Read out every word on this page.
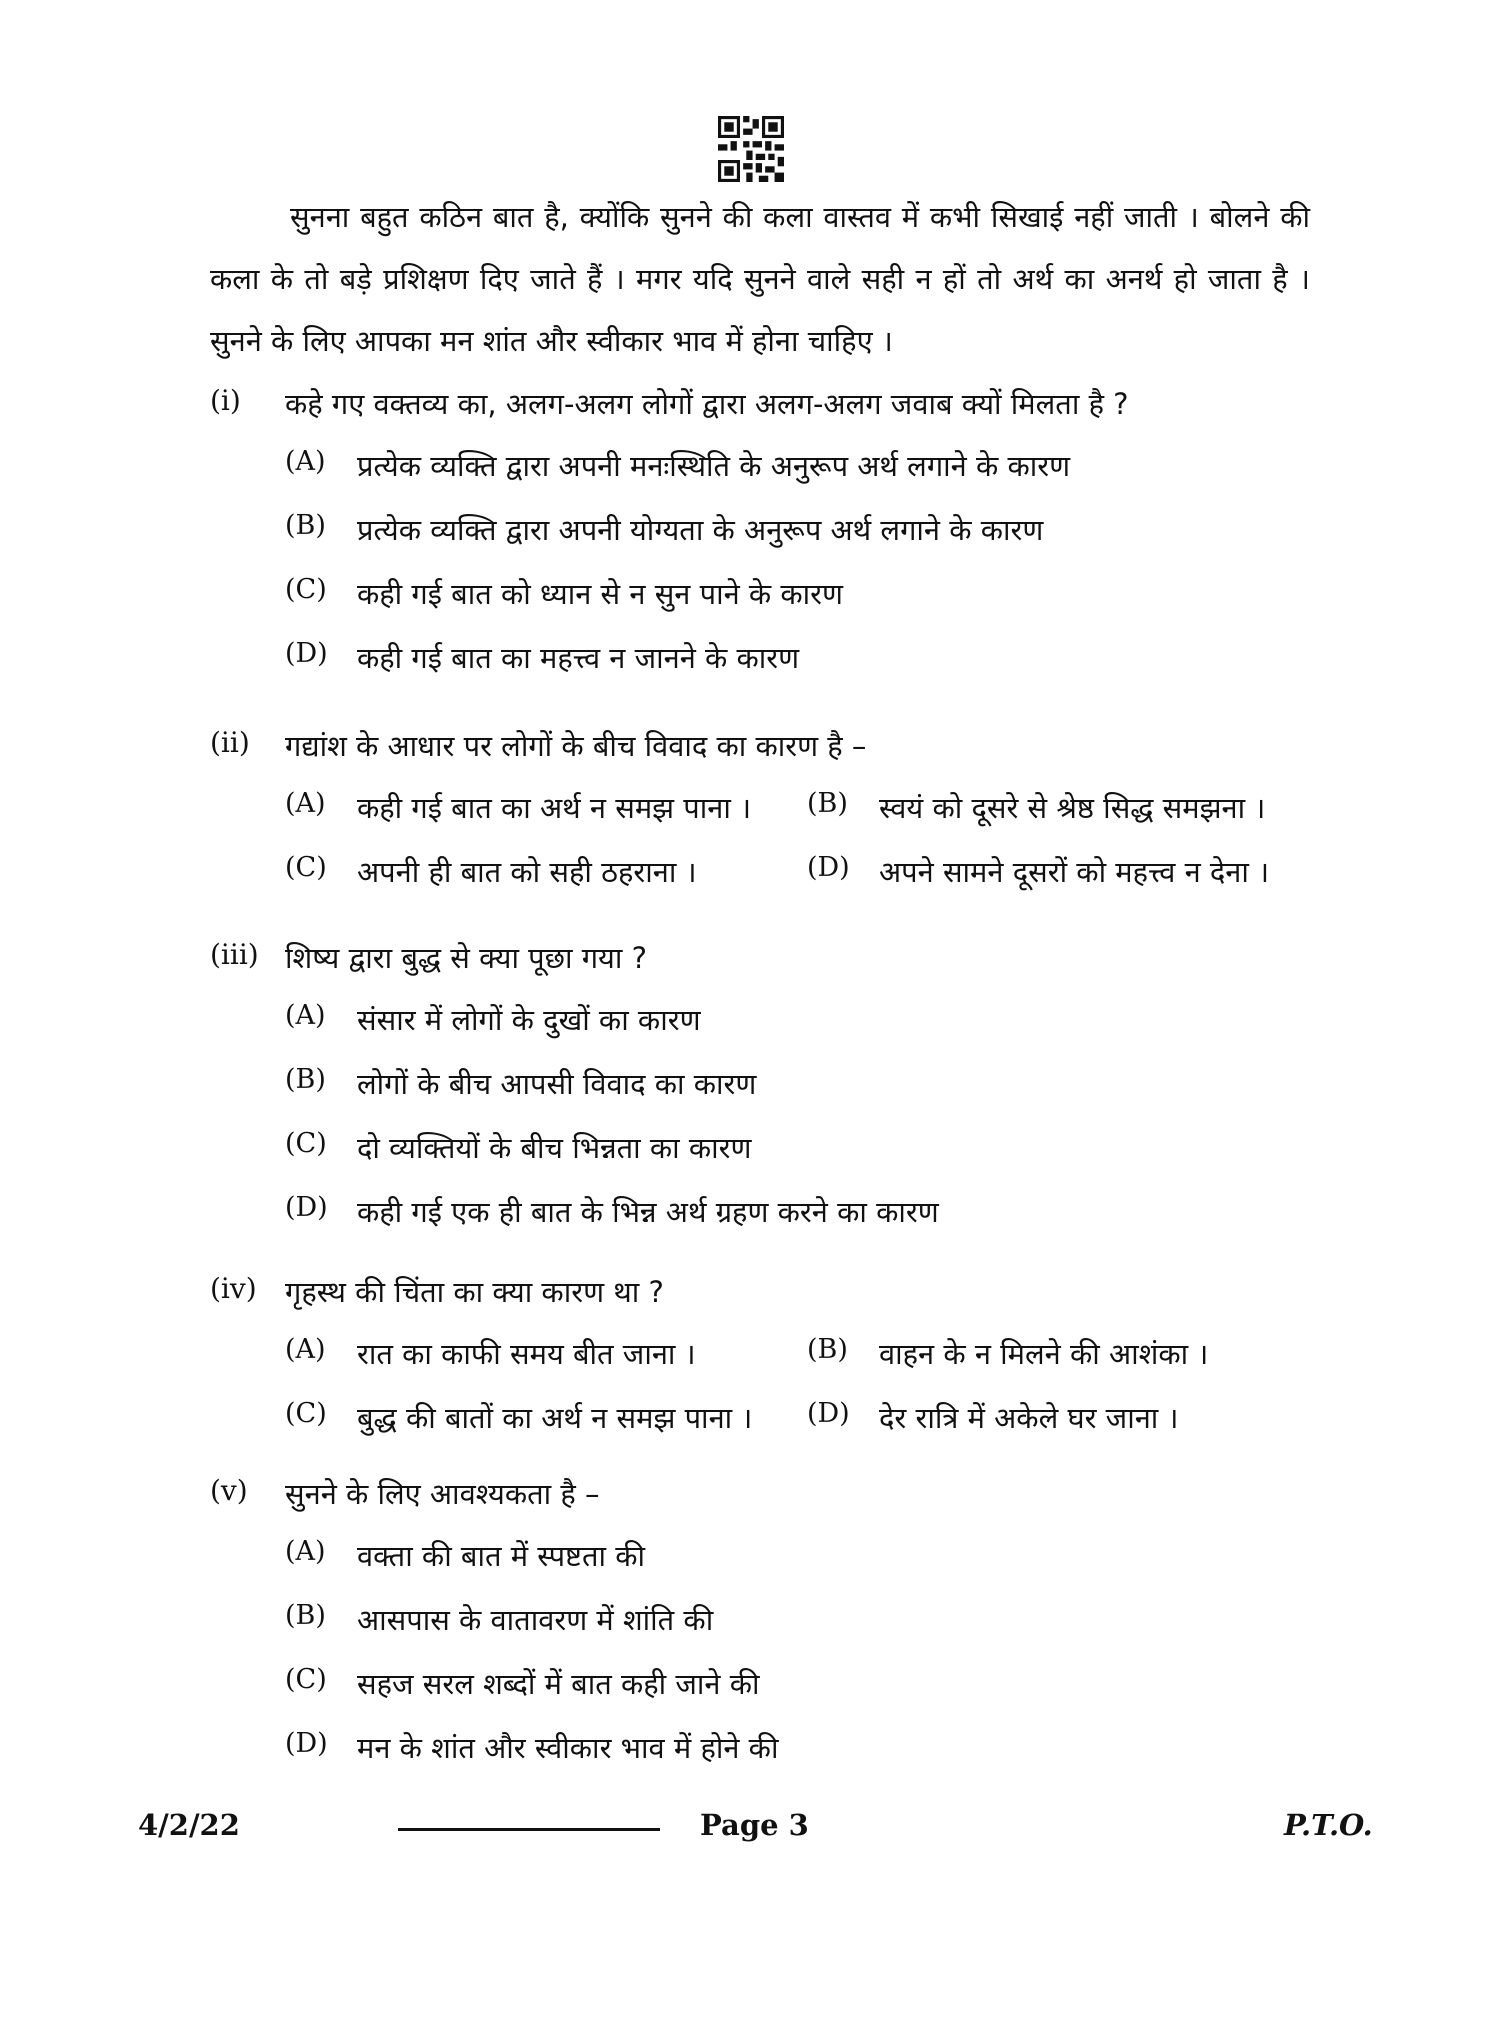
सुनना बहुत कठिन बात है, क्योंकि सुनने की कला वास्तव में कभी सिखाई नहीं जाती । बोलने की कला के तो बड़े प्रशिक्षण दिए जाते हैं । मगर यदि सुनने वाले सही न हों तो अर्थ का अनर्थ हो जाता है । सुनने के लिए आपका मन शांत और स्वीकार भाव में होना चाहिए ।

(i) कहे गए वक्तव्य का, अलग-अलग लोगों द्वारा अलग-अलग जवाब क्यों मिलता है ?
(A) प्रत्येक व्यक्ति द्वारा अपनी मनःस्थिति के अनुरूप अर्थ लगाने के कारण
(B) प्रत्येक व्यक्ति द्वारा अपनी योग्यता के अनुरूप अर्थ लगाने के कारण
(C) कही गई बात को ध्यान से न सुन पाने के कारण
(D) कही गई बात का महत्त्व न जानने के कारण
(ii) गद्यांश के आधार पर लोगों के बीच विवाद का कारण है –
(A) कही गई बात का अर्थ न समझ पाना । (B) स्वयं को दूसरे से श्रेष्ठ सिद्ध समझना ।
(C) अपनी ही बात को सही ठहराना ।	(D) अपने सामने दूसरों को महत्त्व न देना ।
(iii) शिष्य द्वारा बुद्ध से क्या पूछा गया ?
(A) संसार में लोगों के दुखों का कारण
(B) लोगों के बीच आपसी विवाद का कारण
(C) दो व्यक्तियों के बीच भिन्नता का कारण
(D) कही गई एक ही बात के भिन्न अर्थ ग्रहण करने का कारण
(iv) गृहस्थ की चिंता का क्या कारण था ?
(A) रात का काफी समय बीत जाना ।	(B) वाहन के न मिलने की आशंका ।
(C) बुद्ध की बातों का अर्थ न समझ पाना । (D) देर रात्रि में अकेले घर जाना ।
(v) सुनने के लिए आवश्यकता है –
(A) वक्ता की बात में स्पष्टता की
(B) आसपास के वातावरण में शांति की
(C) सहज सरल शब्दों में बात कही जाने की
(D) मन के शांत और स्वीकार भाव में होने की
4/2/22	Page 3	P.T.O.
